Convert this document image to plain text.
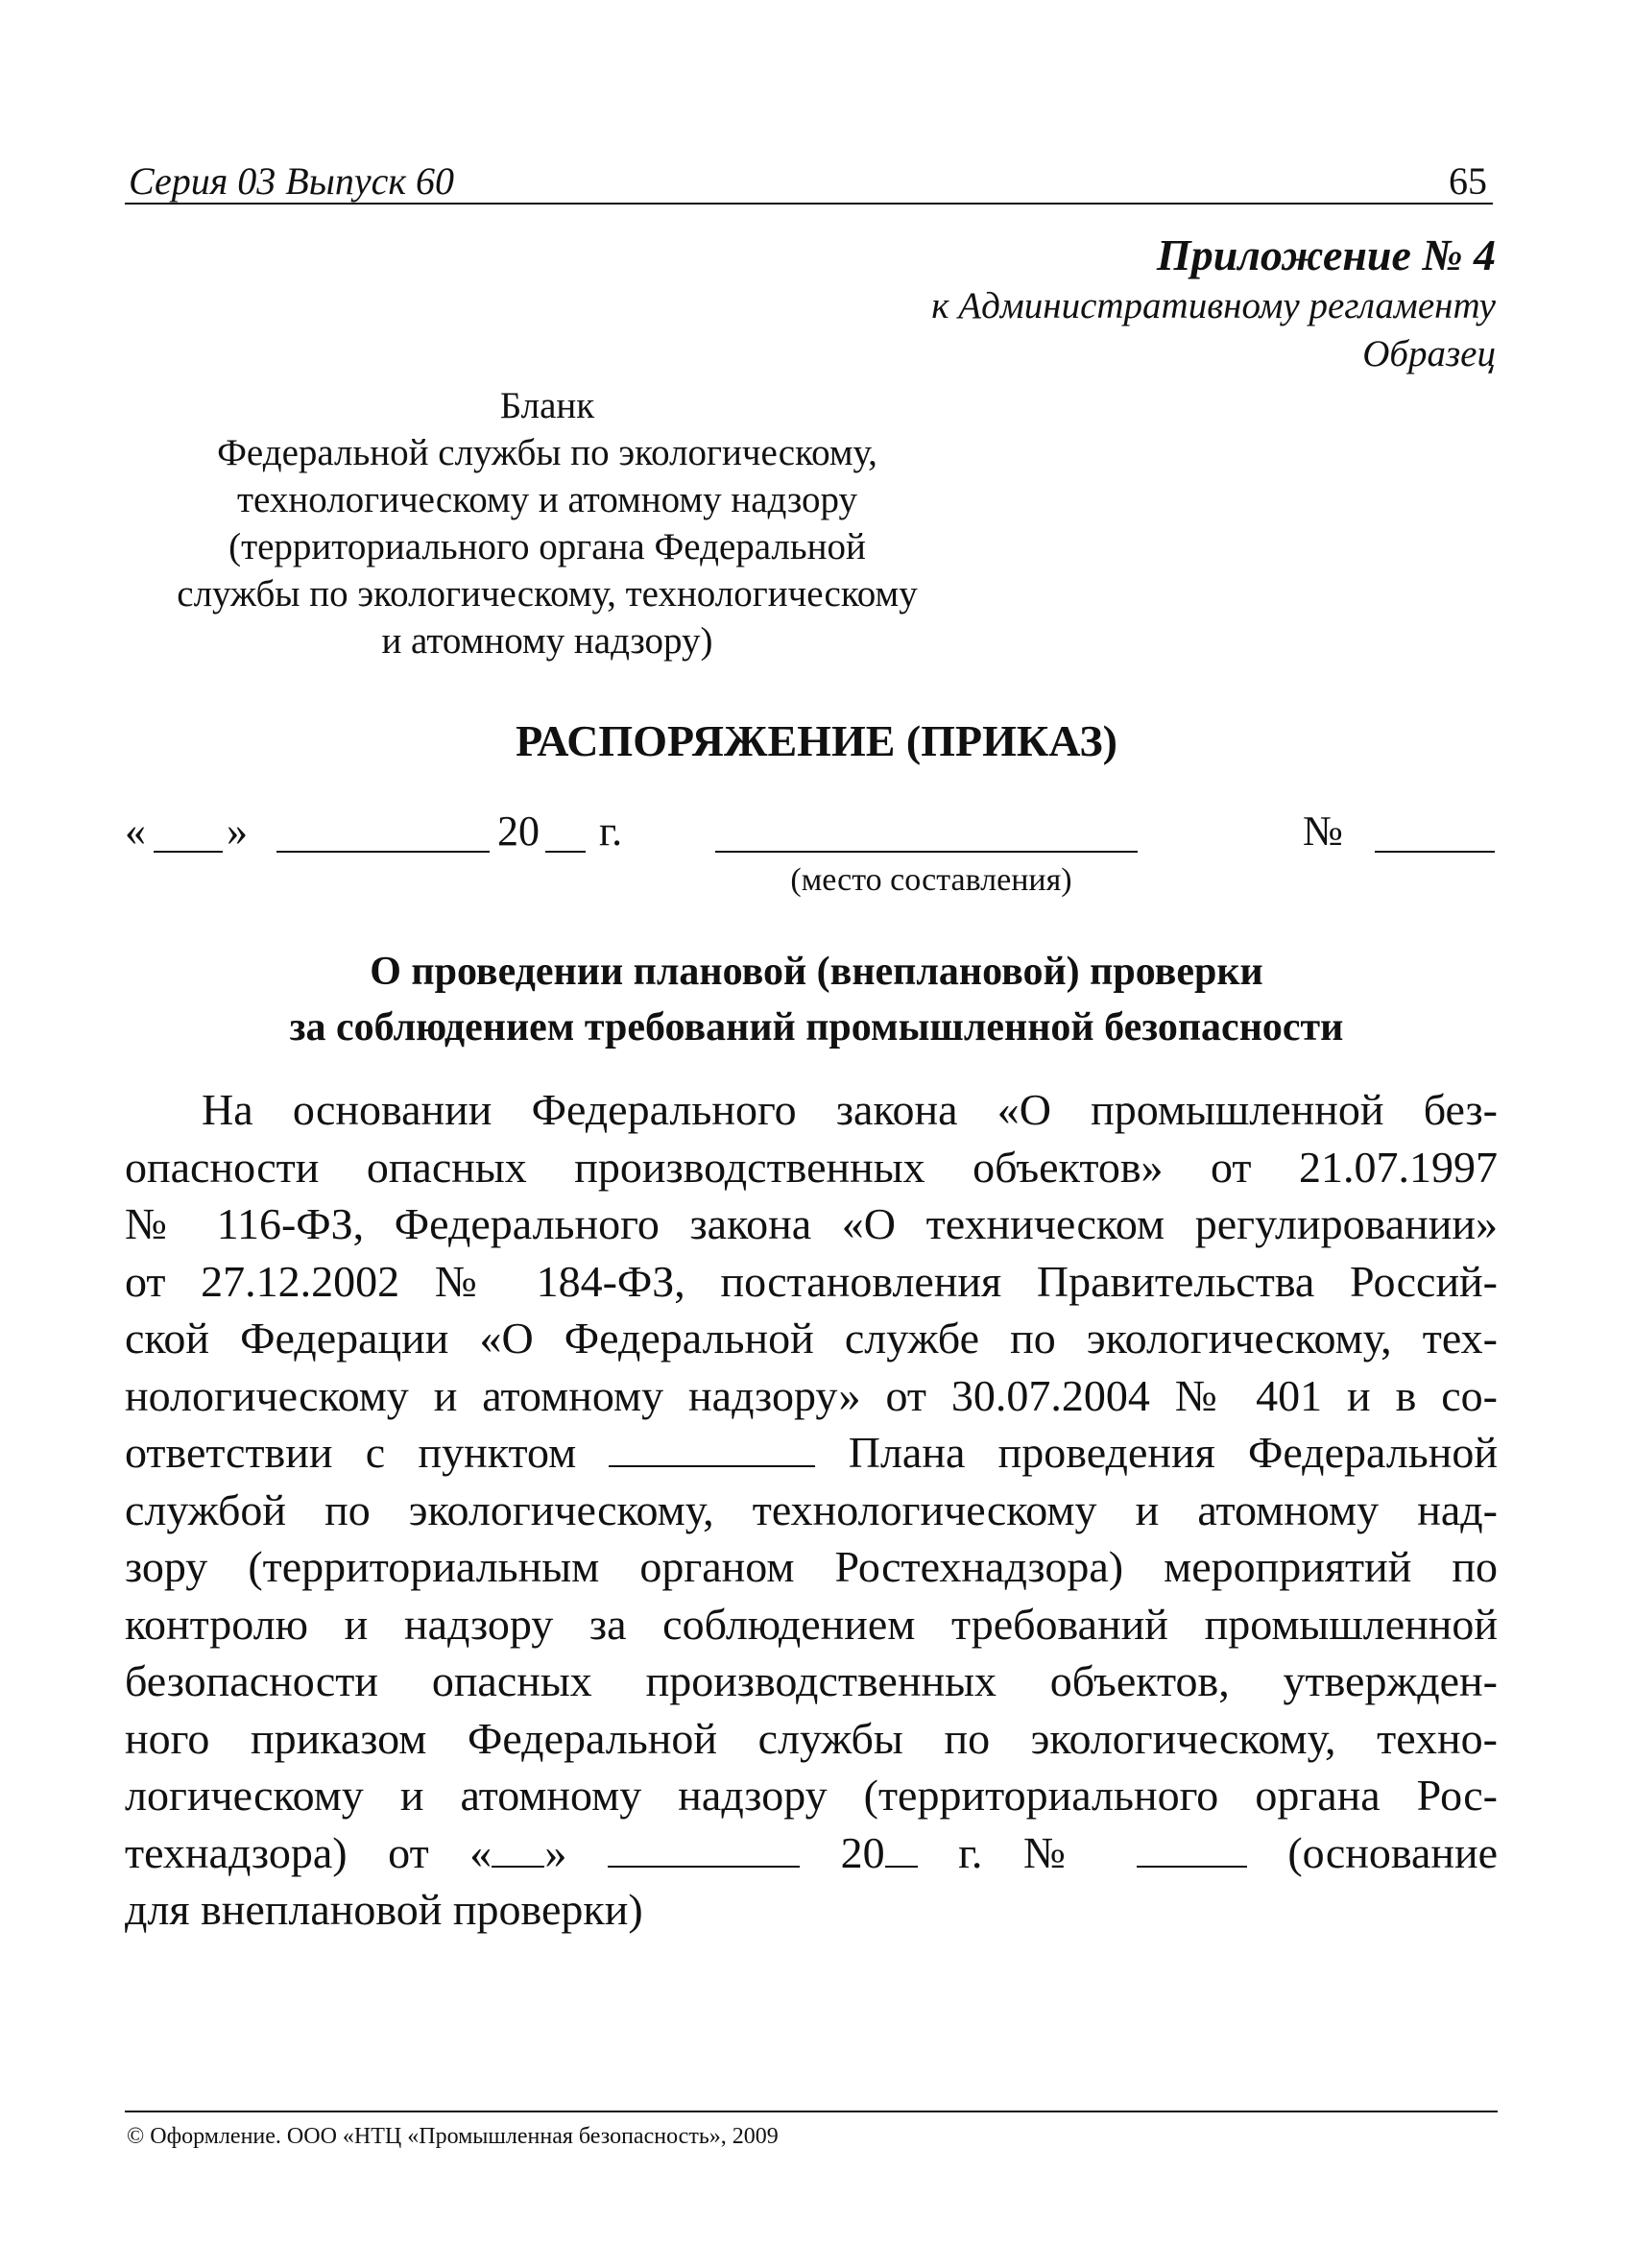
Серия 03 Выпуск 60	65
Приложение № 4
к Административному регламенту
Образец
Бланк
Федеральной службы по экологическому,
технологическому и атомному надзору
(территориального органа Федеральной
службы по экологическому, технологическому
и атомному надзору)
РАСПОРЯЖЕНИЕ (ПРИКАЗ)
« »	20 г.	№
(место составления)
О проведении плановой (внеплановой) проверки
за соблюдением требований промышленной безопасности
На основании Федерального закона «О промышленной без-
опасности опасных производственных объектов» от 21.07.1997
№ 116-ФЗ, Федерального закона «О техническом регулировании»
от 27.12.2002 № 184-ФЗ, постановления Правительства Россий-
ской Федерации «О Федеральной службе по экологическому, тех-
нологическому и атомному надзору» от 30.07.2004 № 401 и в со-
ответствии с пунктом	Плана проведения Федеральной
службой по экологическому, технологическому и атомному над-
зору (территориальным органом Ростехнадзора) мероприятий по
контролю и надзору за соблюдением требований промышленной
безопасности опасных производственных объектов, утвержден-
ного приказом Федеральной службы по экологическому, техно-
логическому и атомному надзору (территориального органа Рос-
технадзора) от « »	20 г. №	(основание
для внеплановой проверки)
© Оформление. ООО «НТЦ «Промышленная безопасность», 2009
